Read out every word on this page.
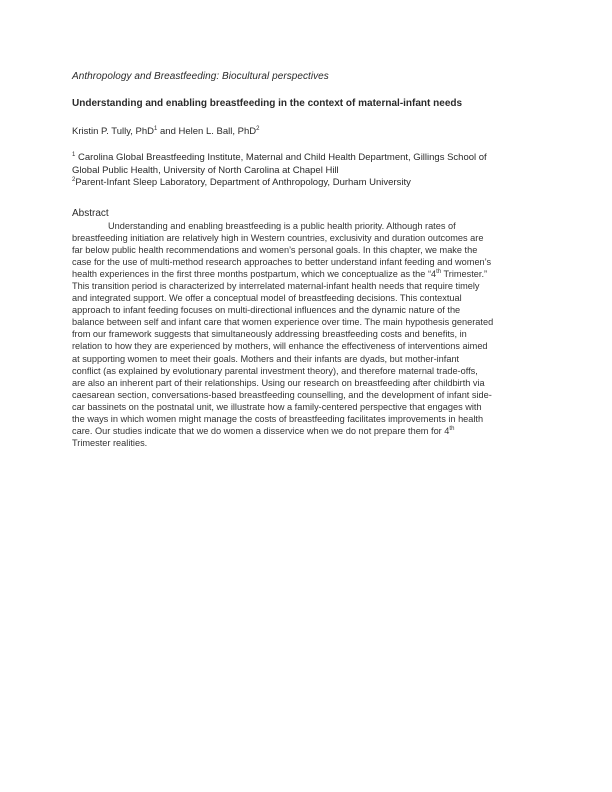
Anthropology and Breastfeeding: Biocultural perspectives
Understanding and enabling breastfeeding in the context of maternal-infant needs
Kristin P. Tully, PhD$^1$ and Helen L. Ball, PhD$^2$
$^1$ Carolina Global Breastfeeding Institute, Maternal and Child Health Department, Gillings School of
Global Public Health, University of North Carolina at Chapel Hill
$^2$Parent-Infant Sleep Laboratory, Department of Anthropology, Durham University
Abstract
Understanding and enabling breastfeeding is a public health priority. Although rates of
breastfeeding initiation are relatively high in Western countries, exclusivity and duration outcomes are
far below public health recommendations and women’s personal goals. In this chapter, we make the
case for the use of multi-method research approaches to better understand infant feeding and women’s
health experiences in the first three months postpartum, which we conceptualize as the “4th Trimester.”
This transition period is characterized by interrelated maternal-infant health needs that require timely
and integrated support. We offer a conceptual model of breastfeeding decisions. This contextual
approach to infant feeding focuses on multi-directional influences and the dynamic nature of the
balance between self and infant care that women experience over time. The main hypothesis generated
from our framework suggests that simultaneously addressing breastfeeding costs and benefits, in
relation to how they are experienced by mothers, will enhance the effectiveness of interventions aimed
at supporting women to meet their goals. Mothers and their infants are dyads, but mother-infant
conflict (as explained by evolutionary parental investment theory), and therefore maternal trade-offs,
are also an inherent part of their relationships. Using our research on breastfeeding after childbirth via
caesarean section, conversations-based breastfeeding counselling, and the development of infant side-
car bassinets on the postnatal unit, we illustrate how a family-centered perspective that engages with
the ways in which women might manage the costs of breastfeeding facilitates improvements in health
care. Our studies indicate that we do women a disservice when we do not prepare them for 4th
Trimester realities.
